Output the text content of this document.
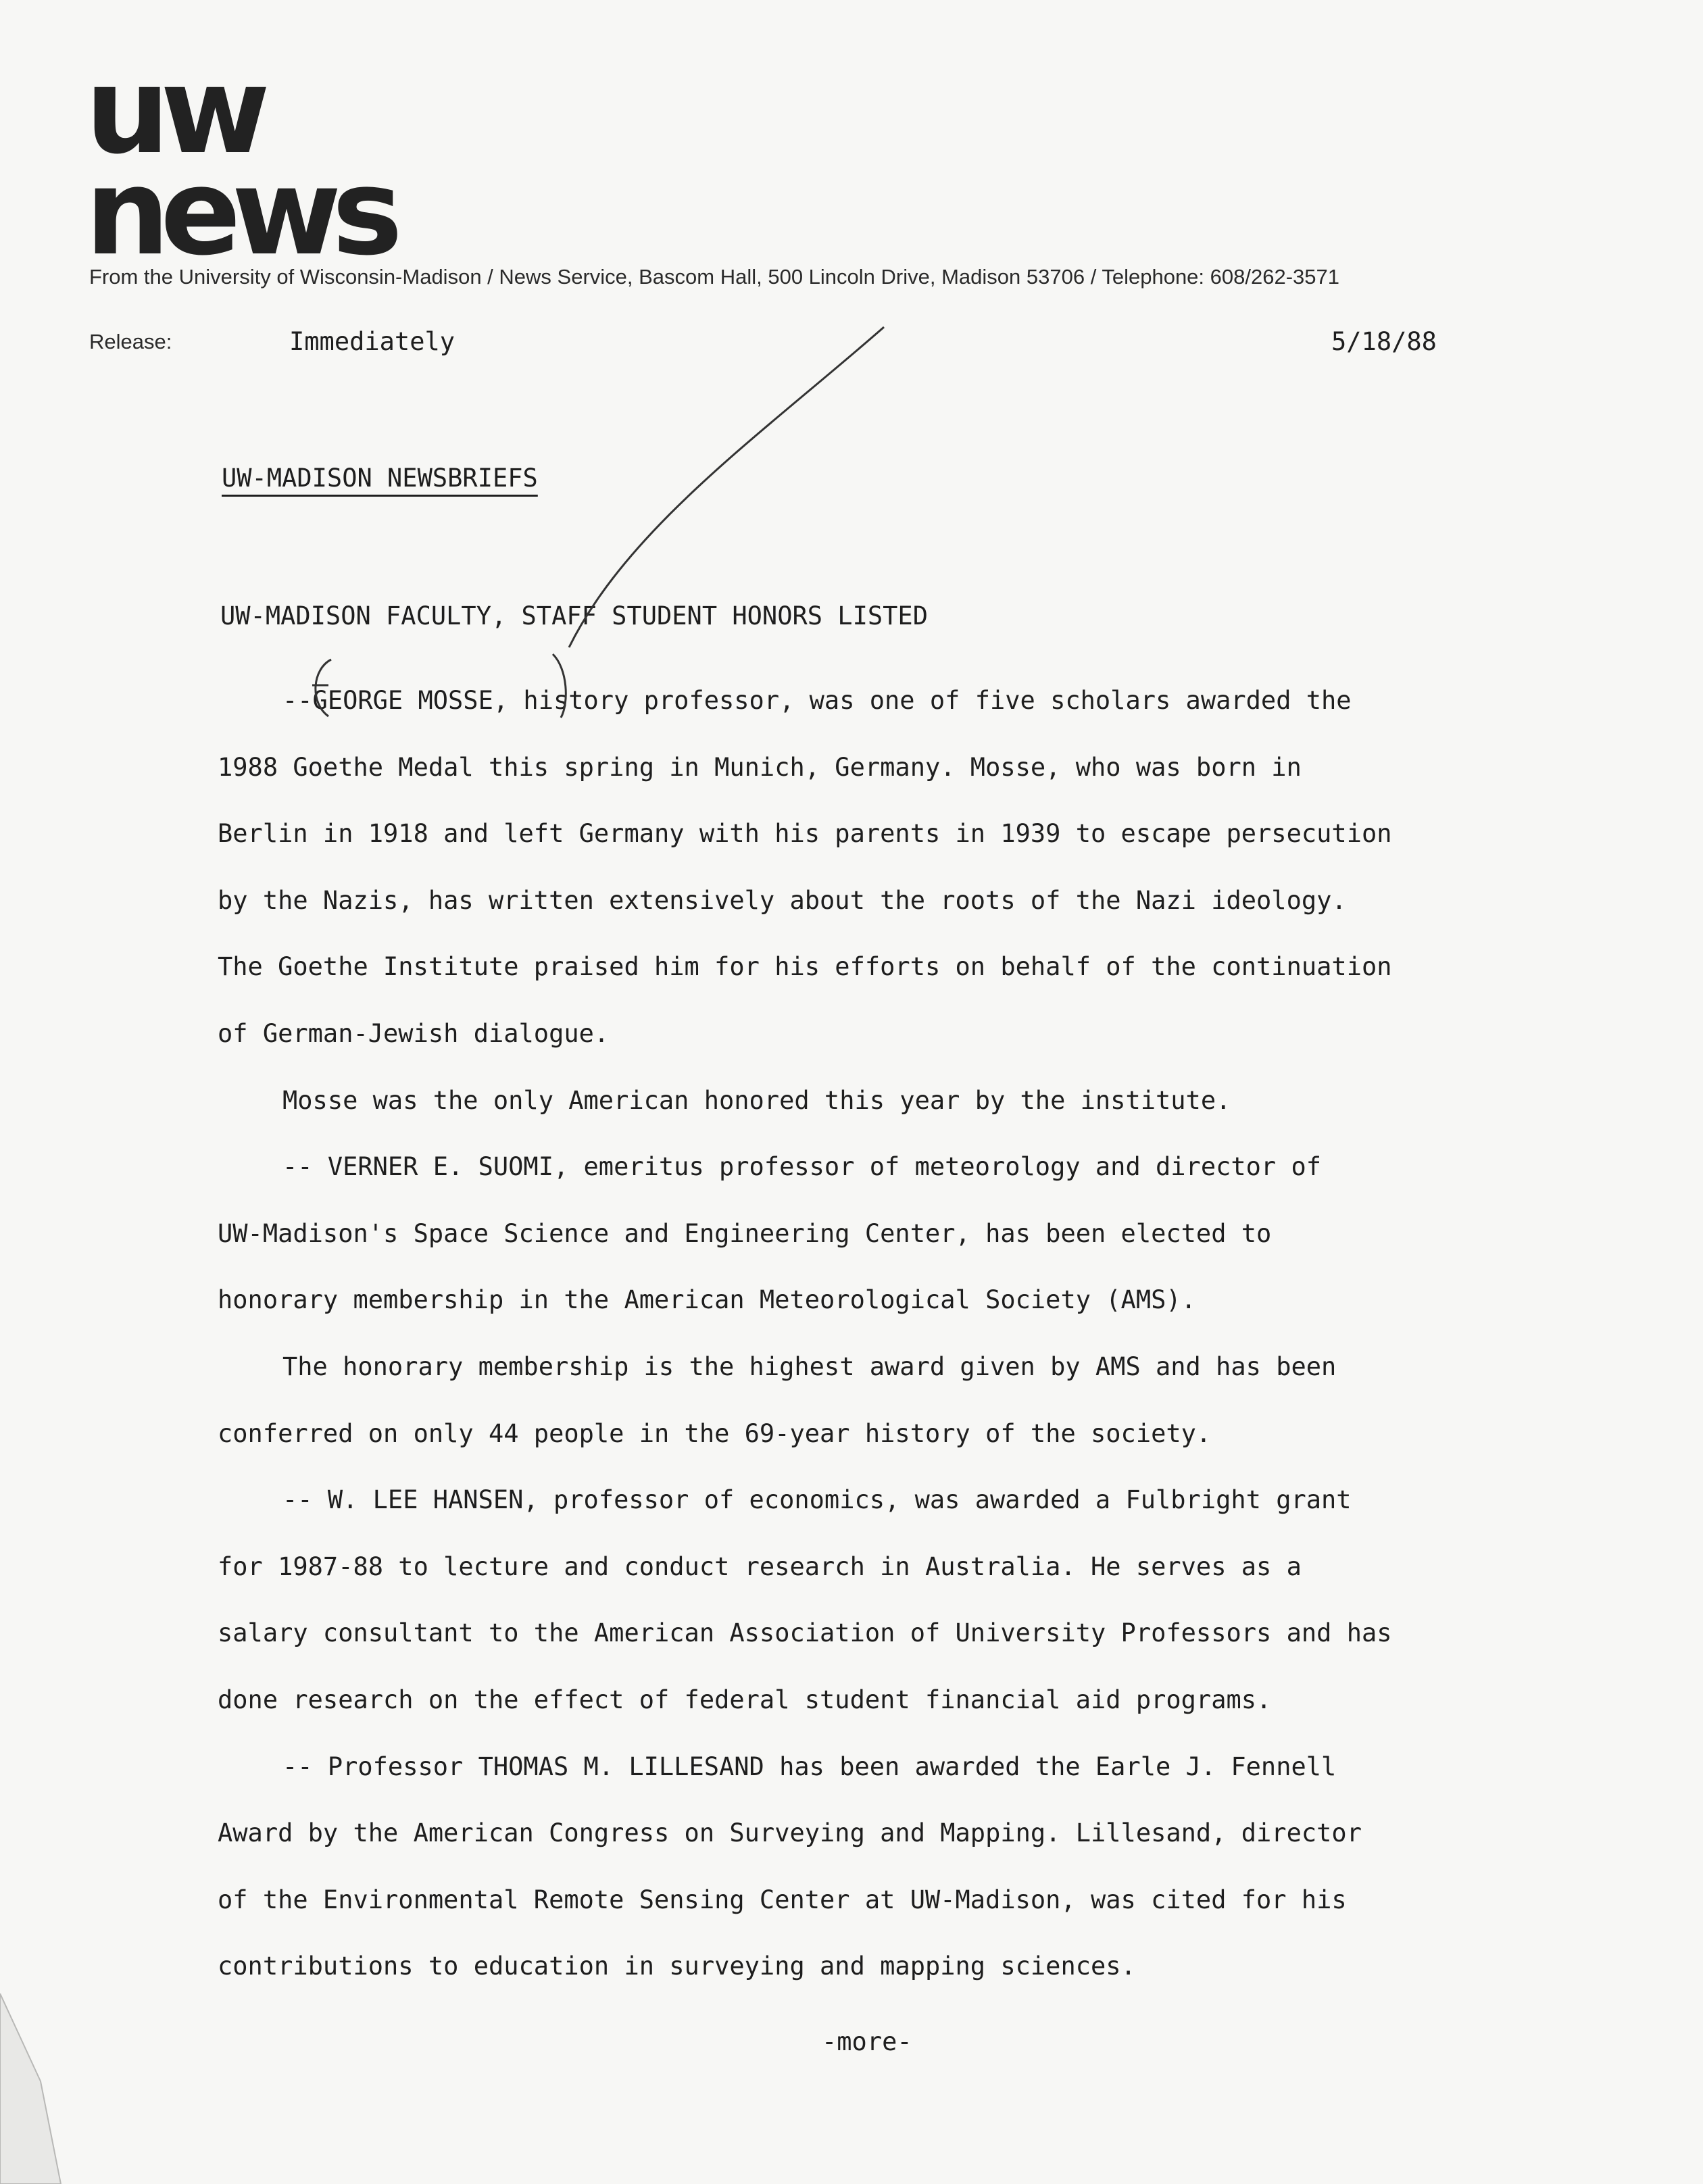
uw
news
From the University of Wisconsin-Madison / News Service, Bascom Hall, 500 Lincoln Drive, Madison 53706 / Telephone: 608/262-3571
Release:	Immediately	5/18/88
UW-MADISON NEWSBRIEFS
UW-MADISON FACULTY, STAFF STUDENT HONORS LISTED

--GEORGE MOSSE, history professor, was one of five scholars awarded the
1988 Goethe Medal this spring in Munich, Germany. Mosse, who was born in
Berlin in 1918 and left Germany with his parents in 1939 to escape persecution
by the Nazis, has written extensively about the roots of the Nazi ideology.
The Goethe Institute praised him for his efforts on behalf of the continuation
of German-Jewish dialogue.

Mosse was the only American honored this year by the institute.

-- VERNER E. SUOMI, emeritus professor of meteorology and director of
UW-Madison's Space Science and Engineering Center, has been elected to
honorary membership in the American Meteorological Society (AMS).

The honorary membership is the highest award given by AMS and has been
conferred on only 44 people in the 69-year history of the society.

-- W. LEE HANSEN, professor of economics, was awarded a Fulbright grant
for 1987-88 to lecture and conduct research in Australia. He serves as a
salary consultant to the American Association of University Professors and has
done research on the effect of federal student financial aid programs.

-- Professor THOMAS M. LILLESAND has been awarded the Earle J. Fennell
Award by the American Congress on Surveying and Mapping. Lillesand, director
of the Environmental Remote Sensing Center at UW-Madison, was cited for his
contributions to education in surveying and mapping sciences.

-more-
